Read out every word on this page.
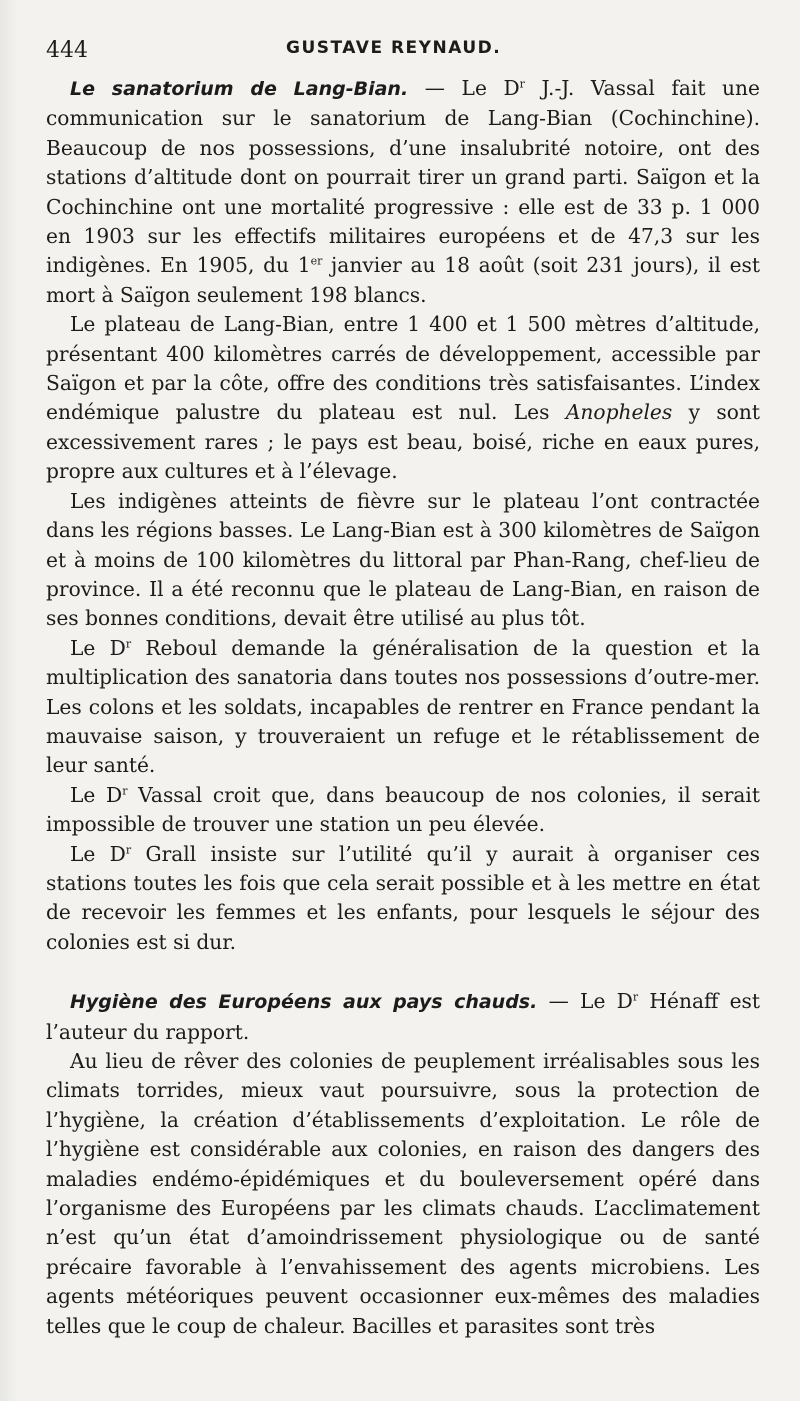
444	GUSTAVE REYNAUD.

Le sanatorium de Lang-Bian. — Le $D^r$ J.-J. Vassal fait une communication sur le sanatorium de Lang-Bian (Cochinchine). Beaucoup de nos possessions, d’une insalubrité notoire, ont des stations d’altitude dont on pourrait tirer un grand parti. Saïgon et la Cochinchine ont une mortalité progressive : elle est de 33 p. 1 000 en 1903 sur les effectifs militaires européens et de 47,3 sur les indigènes. En 1905, du 1er janvier au 18 août (soit 231 jours), il est mort à Saïgon seulement 198 blancs.

Le plateau de Lang-Bian, entre 1 400 et 1 500 mètres d’altitude, présentant 400 kilomètres carrés de développement, accessible par Saïgon et par la côte, offre des conditions très satisfaisantes. L’index endémique palustre du plateau est nul. Les Anopheles y sont excessivement rares ; le pays est beau, boisé, riche en eaux pures, propre aux cultures et à l’élevage.

Les indigènes atteints de fièvre sur le plateau l’ont contractée dans les régions basses. Le Lang-Bian est à 300 kilomètres de Saïgon et à moins de 100 kilomètres du littoral par Phan-Rang, chef-lieu de province. Il a été reconnu que le plateau de Lang-Bian, en raison de ses bonnes conditions, devait être utilisé au plus tôt.

Le $D^r$ Reboul demande la généralisation de la question et la multiplication des sanatoria dans toutes nos possessions d’outre-mer. Les colons et les soldats, incapables de rentrer en France pendant la mauvaise saison, y trouveraient un refuge et le rétablissement de leur santé.

Le $D^r$ Vassal croit que, dans beaucoup de nos colonies, il serait impossible de trouver une station un peu élevée.

Le $D^r$ Grall insiste sur l’utilité qu’il y aurait à organiser ces stations toutes les fois que cela serait possible et à les mettre en état de recevoir les femmes et les enfants, pour lesquels le séjour des colonies est si dur.

Hygiène des Européens aux pays chauds. — Le $D^r$ Hénaff est l’auteur du rapport.

Au lieu de rêver des colonies de peuplement irréalisables sous les climats torrides, mieux vaut poursuivre, sous la protection de l’hygiène, la création d’établissements d’exploitation. Le rôle de l’hygiène est considérable aux colonies, en raison des dangers des maladies endémo-épidémiques et du bouleversement opéré dans l’organisme des Européens par les climats chauds. L’acclimatement n’est qu’un état d’amoindrissement physiologique ou de santé précaire favorable à l’envahissement des agents microbiens. Les agents météoriques peuvent occasionner eux-mêmes des maladies telles que le coup de chaleur. Bacilles et parasites sont très
